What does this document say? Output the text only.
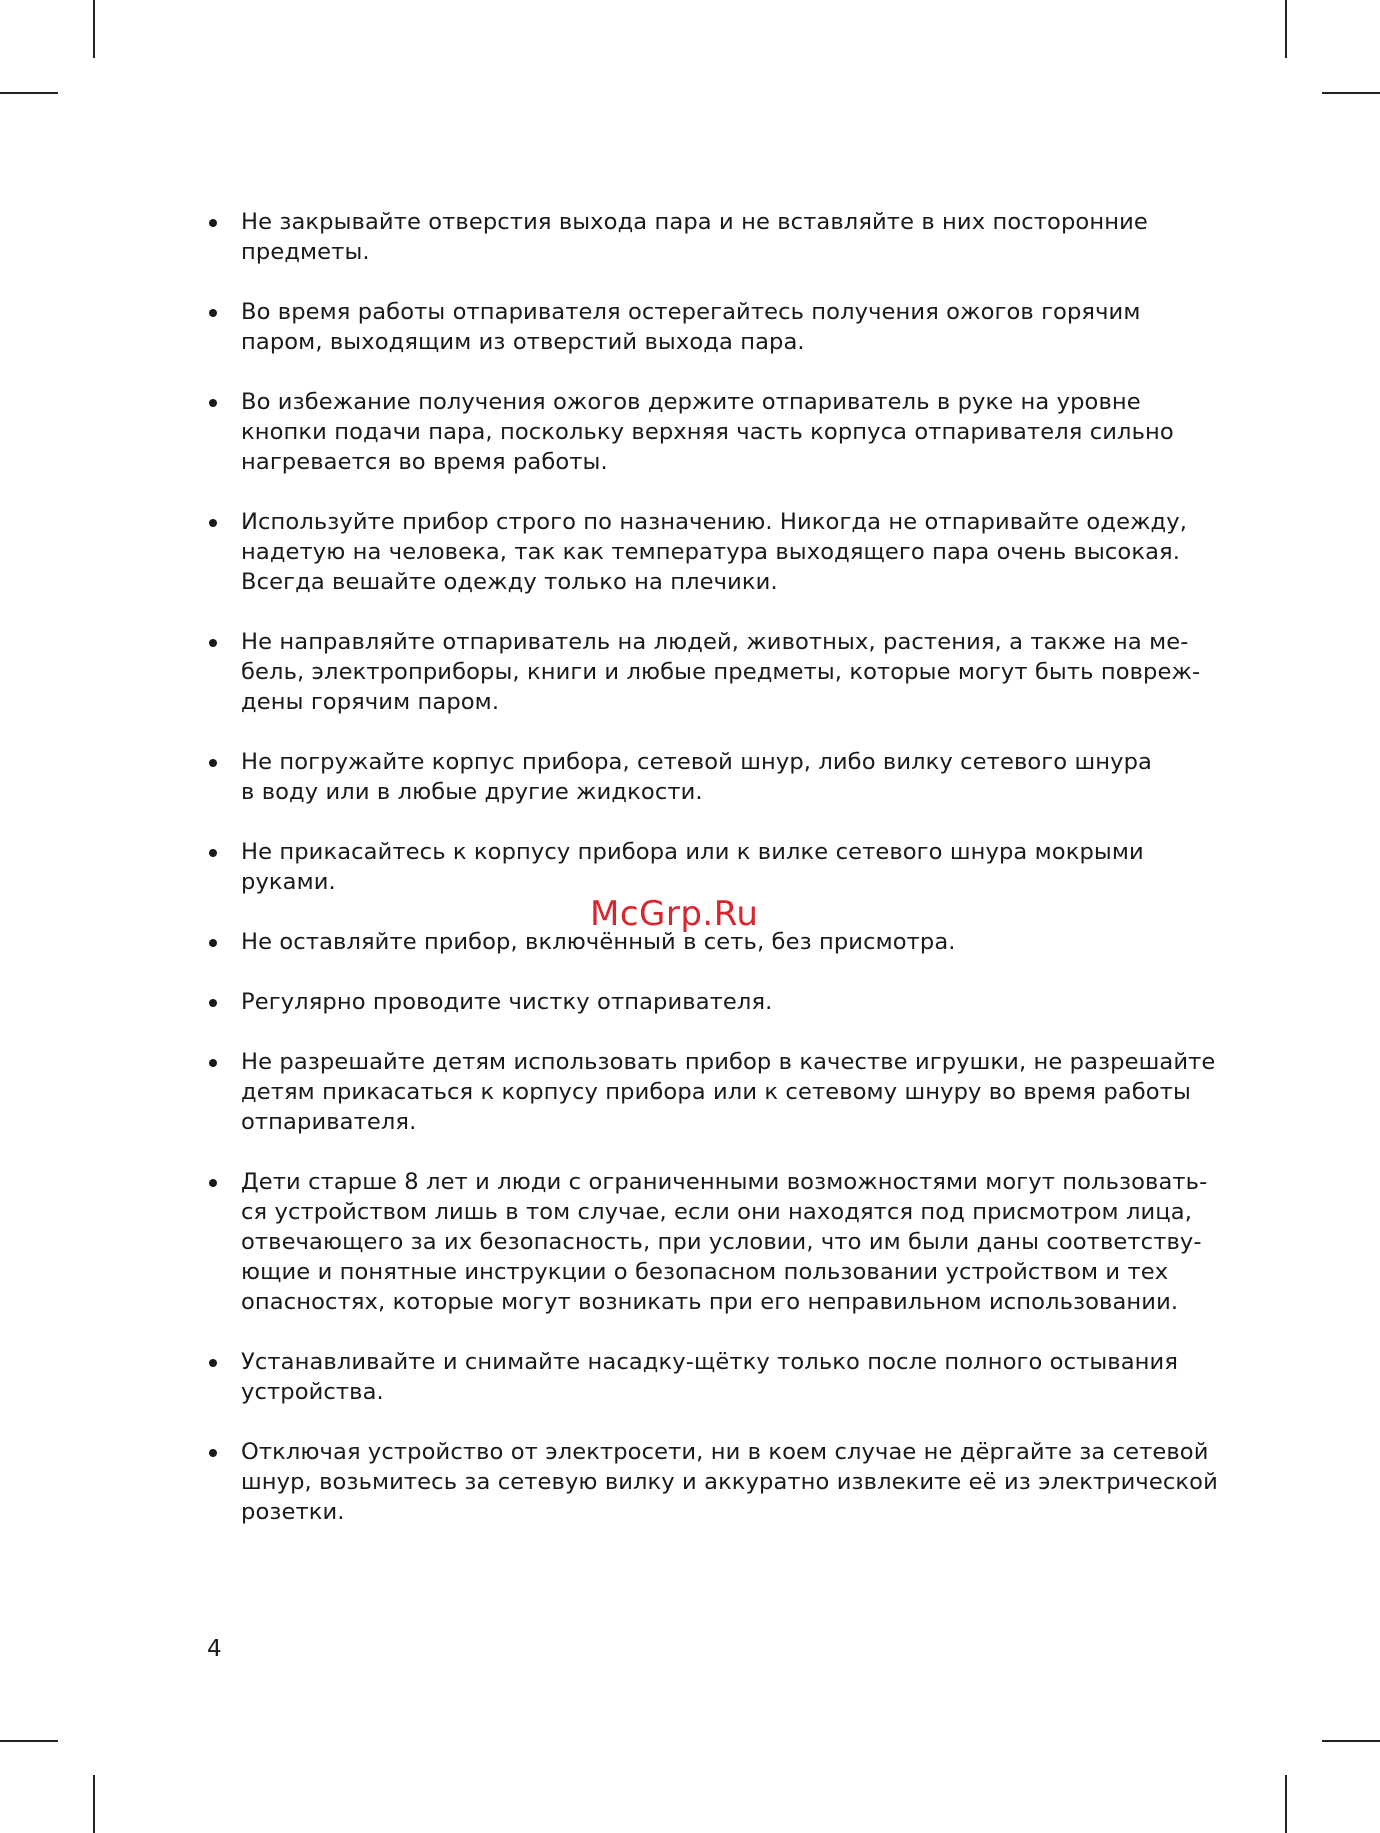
Не закрывайте отверстия выхода пара и не вставляйте в них посторонние
предметы.
Во время работы отпаривателя остерегайтесь получения ожогов горячим
паром, выходящим из отверстий выхода пара.
Во избежание получения ожогов держите отпариватель в руке на уровне
кнопки подачи пара, поскольку верхняя часть корпуса отпаривателя сильно
нагревается во время работы.
Используйте прибор строго по назначению. Никогда не отпаривайте одежду,
надетую на человека, так как температура выходящего пара очень высокая.
Всегда вешайте одежду только на плечики.
Не направляйте отпариватель на людей, животных, растения, а также на ме-
бель, электроприборы, книги и любые предметы, которые могут быть повреж-
дены горячим паром.
Не погружайте корпус прибора, сетевой шнур, либо вилку сетевого шнура
в воду или в любые другие жидкости.
Не прикасайтесь к корпусу прибора или к вилке сетевого шнура мокрыми
руками.
Не оставляйте прибор, включённый в сеть, без присмотра.
Регулярно проводите чистку отпаривателя.
Не разрешайте детям использовать прибор в качестве игрушки, не разрешайте
детям прикасаться к корпусу прибора или к сетевому шнуру во время работы
отпаривателя.
Дети старше 8 лет и люди с ограниченными возможностями могут пользовать-
ся устройством лишь в том случае, если они находятся под присмотром лица,
отвечающего за их безопасность, при условии, что им были даны соответству-
ющие и понятные инструкции о безопасном пользовании устройством и тех
опасностях, которые могут возникать при его неправильном использовании.
Устанавливайте и снимайте насадку-щётку только после полного остывания
устройства.
Отключая устройство от электросети, ни в коем случае не дёргайте за сетевой
шнур, возьмитесь за сетевую вилку и аккуратно извлеките её из электрической
розетки.
McGrp.Ru
4
